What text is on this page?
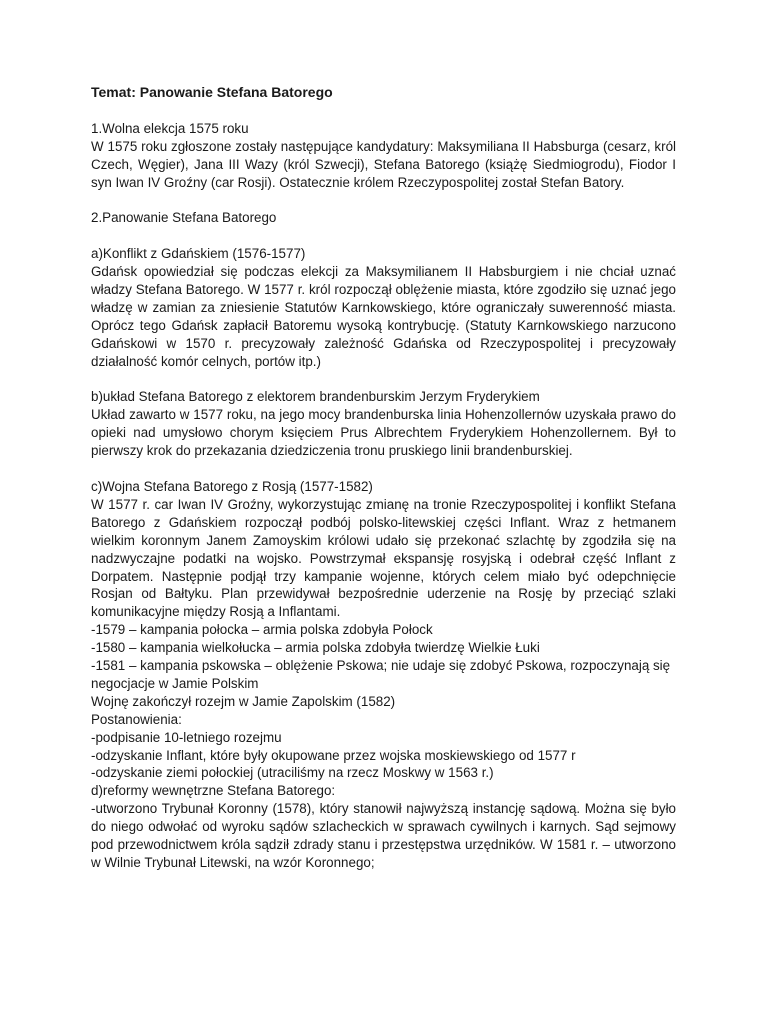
Temat: Panowanie Stefana Batorego

1.Wolna elekcja 1575 roku

W 1575 roku zgłoszone zostały następujące kandydatury: Maksymiliana II Habsburga (cesarz, król Czech, Węgier), Jana III Wazy (król Szwecji), Stefana Batorego (książę Siedmiogrodu), Fiodor I syn Iwan IV Groźny (car Rosji). Ostatecznie królem Rzeczypospolitej został Stefan Batory.

2.Panowanie Stefana Batorego

a)Konflikt z Gdańskiem (1576-1577)

Gdańsk opowiedział się podczas elekcji za Maksymilianem II Habsburgiem i nie chciał uznać władzy Stefana Batorego. W 1577 r. król rozpoczął oblężenie miasta, które zgodziło się uznać jego władzę w zamian za zniesienie Statutów Karnkowskiego, które ograniczały suwerenność miasta. Oprócz tego Gdańsk zapłacił Batoremu wysoką kontrybucję. (Statuty Karnkowskiego narzucono Gdańskowi w 1570 r. precyzowały zależność Gdańska od Rzeczypospolitej i precyzowały działalność komór celnych, portów itp.)

b)układ Stefana Batorego z elektorem brandenburskim Jerzym Fryderykiem

Układ zawarto w 1577 roku, na jego mocy brandenburska linia Hohenzollernów uzyskała prawo do opieki nad umysłowo chorym księciem Prus Albrechtem Fryderykiem Hohenzollernem. Był to pierwszy krok do przekazania dziedziczenia tronu pruskiego linii brandenburskiej.

c)Wojna Stefana Batorego z Rosją (1577-1582)

W 1577 r. car Iwan IV Groźny, wykorzystując zmianę na tronie Rzeczypospolitej i konflikt Stefana Batorego z Gdańskiem rozpoczął podbój polsko-litewskiej części Inflant. Wraz z hetmanem wielkim koronnym Janem Zamoyskim królowi udało się przekonać szlachtę by zgodziła się na nadzwyczajne podatki na wojsko. Powstrzymał ekspansję rosyjską i odebrał część Inflant z Dorpatem. Następnie podjął trzy kampanie wojenne, których celem miało być odepchnięcie Rosjan od Bałtyku. Plan przewidywał bezpośrednie uderzenie na Rosję by przeciąć szlaki komunikacyjne między Rosją a Inflantami.

-1579 – kampania połocka – armia polska zdobyła Połock
-1580 – kampania wielkołucka – armia polska zdobyła twierdzę Wielkie Łuki
-1581 – kampania pskowska – oblężenie Pskowa; nie udaje się zdobyć Pskowa, rozpoczynają się negocjacje w Jamie Polskim

Wojnę zakończył rozejm w Jamie Zapolskim (1582)

Postanowienia:

-podpisanie 10-letniego rozejmu
-odzyskanie Inflant, które były okupowane przez wojska moskiewskiego od 1577 r
-odzyskanie ziemi połockiej (utraciliśmy na rzecz Moskwy w 1563 r.)

d)reformy wewnętrzne Stefana Batorego:

-utworzono Trybunał Koronny (1578), który stanowił najwyższą instancję sądową. Można się było do niego odwołać od wyroku sądów szlacheckich w sprawach cywilnych i karnych. Sąd sejmowy pod przewodnictwem króla sądził zdrady stanu i przestępstwa urzędników. W 1581 r. – utworzono w Wilnie Trybunał Litewski, na wzór Koronnego;
